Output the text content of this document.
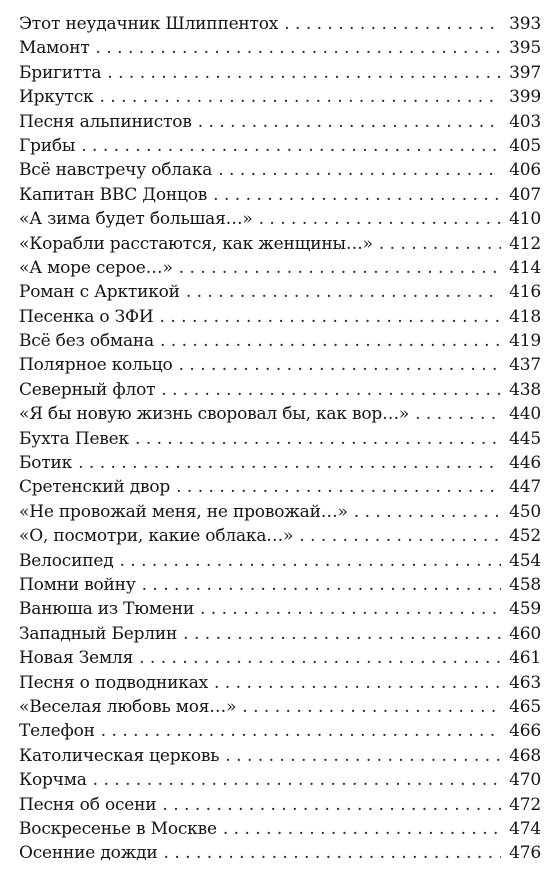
Этот неудачник Шлиппентох . . .	393
Мамонт . . .	395
Бригитта . . .	397
Иркутск . . .	399
Песня альпинистов . . .	403
Грибы . . .	405
Всё навстречу облака . . .	406
Капитан ВВС Донцов . . .	407
«А зима будет большая…» . . .	410
«Корабли расстаются, как женщины…» . . .	412
«А море серое…» . . .	414
Роман с Арктикой . . .	416
Песенка о ЗФИ . . .	418
Всё без обмана . . .	419
Полярное кольцо . . .	437
Северный флот . . .	438
«Я бы новую жизнь своровал бы, как вор…» . . .	440
Бухта Певек . . .	445
Ботик . . .	446
Сретенский двор . . .	447
«Не провожай меня, не провожай…» . . .	450
«О, посмотри, какие облака…» . . .	452
Велосипед . . .	454
Помни войну . . .	458
Ванюша из Тюмени . . .	459
Западный Берлин . . .	460
Новая Земля . . .	461
Песня о подводниках . . .	463
«Веселая любовь моя…» . . .	465
Телефон . . .	466
Католическая церковь . . .	468
Корчма . . .	470
Песня об осени . . .	472
Воскресенье в Москве . . .	474
Осенние дожди . . .	476
